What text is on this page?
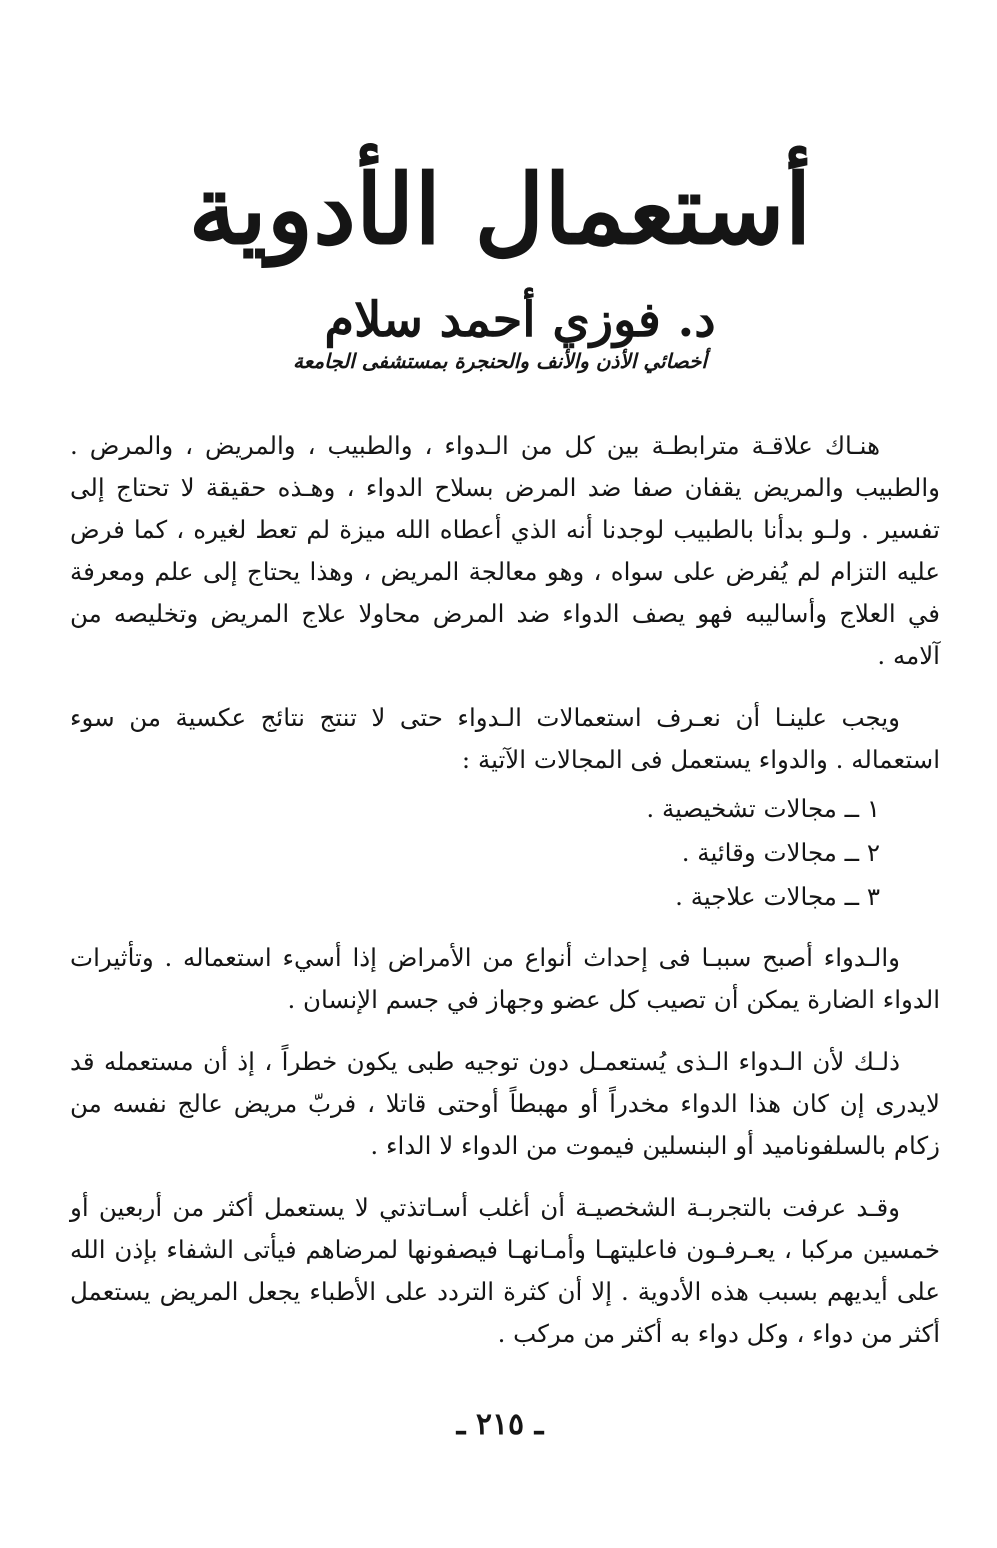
أستعمال الأدوية
د. فوزي أحمد سلام
أخصائي الأذن والأنف والحنجرة بمستشفى الجامعة

هنـاك علاقـة مترابطـة بين كل من الـدواء ، والطبيب ، والمريض ، والمرض . والطبيب والمريض يقفان صفا ضد المرض بسلاح الدواء ، وهـذه حقيقة لا تحتاج إلى تفسير . ولـو بدأنا بالطبيب لوجدنا أنه الذي أعطاه الله ميزة لم تعط لغيره ، كما فرض عليه التزام لم يُفرض على سواه ، وهو معالجة المريض ، وهذا يحتاج إلى علم ومعرفة في العلاج وأساليبه فهو يصف الدواء ضد المرض محاولا علاج المريض وتخليصه من آلامه .

ويجب علينـا أن نعـرف استعمالات الـدواء حتى لا تنتج نتائج عكسية من سوء استعماله . والدواء يستعمل فى المجالات الآتية :

١ ــ مجالات تشخيصية .
٢ ــ مجالات وقائية .
٣ ــ مجالات علاجية .

والـدواء أصبح سببـا فى إحداث أنواع من الأمراض إذا أسيء استعماله . وتأثيرات الدواء الضارة يمكن أن تصيب كل عضو وجهاز في جسم الإنسان .

ذلـك لأن الـدواء الـذى يُستعمـل دون توجيه طبى يكون خطراً ، إذ أن مستعمله قد لايدرى إن كان هذا الدواء مخدراً أو مهبطاً أوحتى قاتلا ، فربّ مريض عالج نفسه من زكام بالسلفوناميد أو البنسلين فيموت من الدواء لا الداء .

وقـد عرفت بالتجربـة الشخصيـة أن أغلب أسـاتذتي لا يستعمل أكثر من أربعين أو خمسين مركبا ، يعـرفـون فاعليتهـا وأمـانهـا فيصفونها لمرضاهم فيأتى الشفاء بإذن الله على أيديهم بسبب هذه الأدوية . إلا أن كثرة التردد على الأطباء يجعل المريض يستعمل أكثر من دواء ، وكل دواء به أكثر من مركب .

ـ ٢١٥ ـ
